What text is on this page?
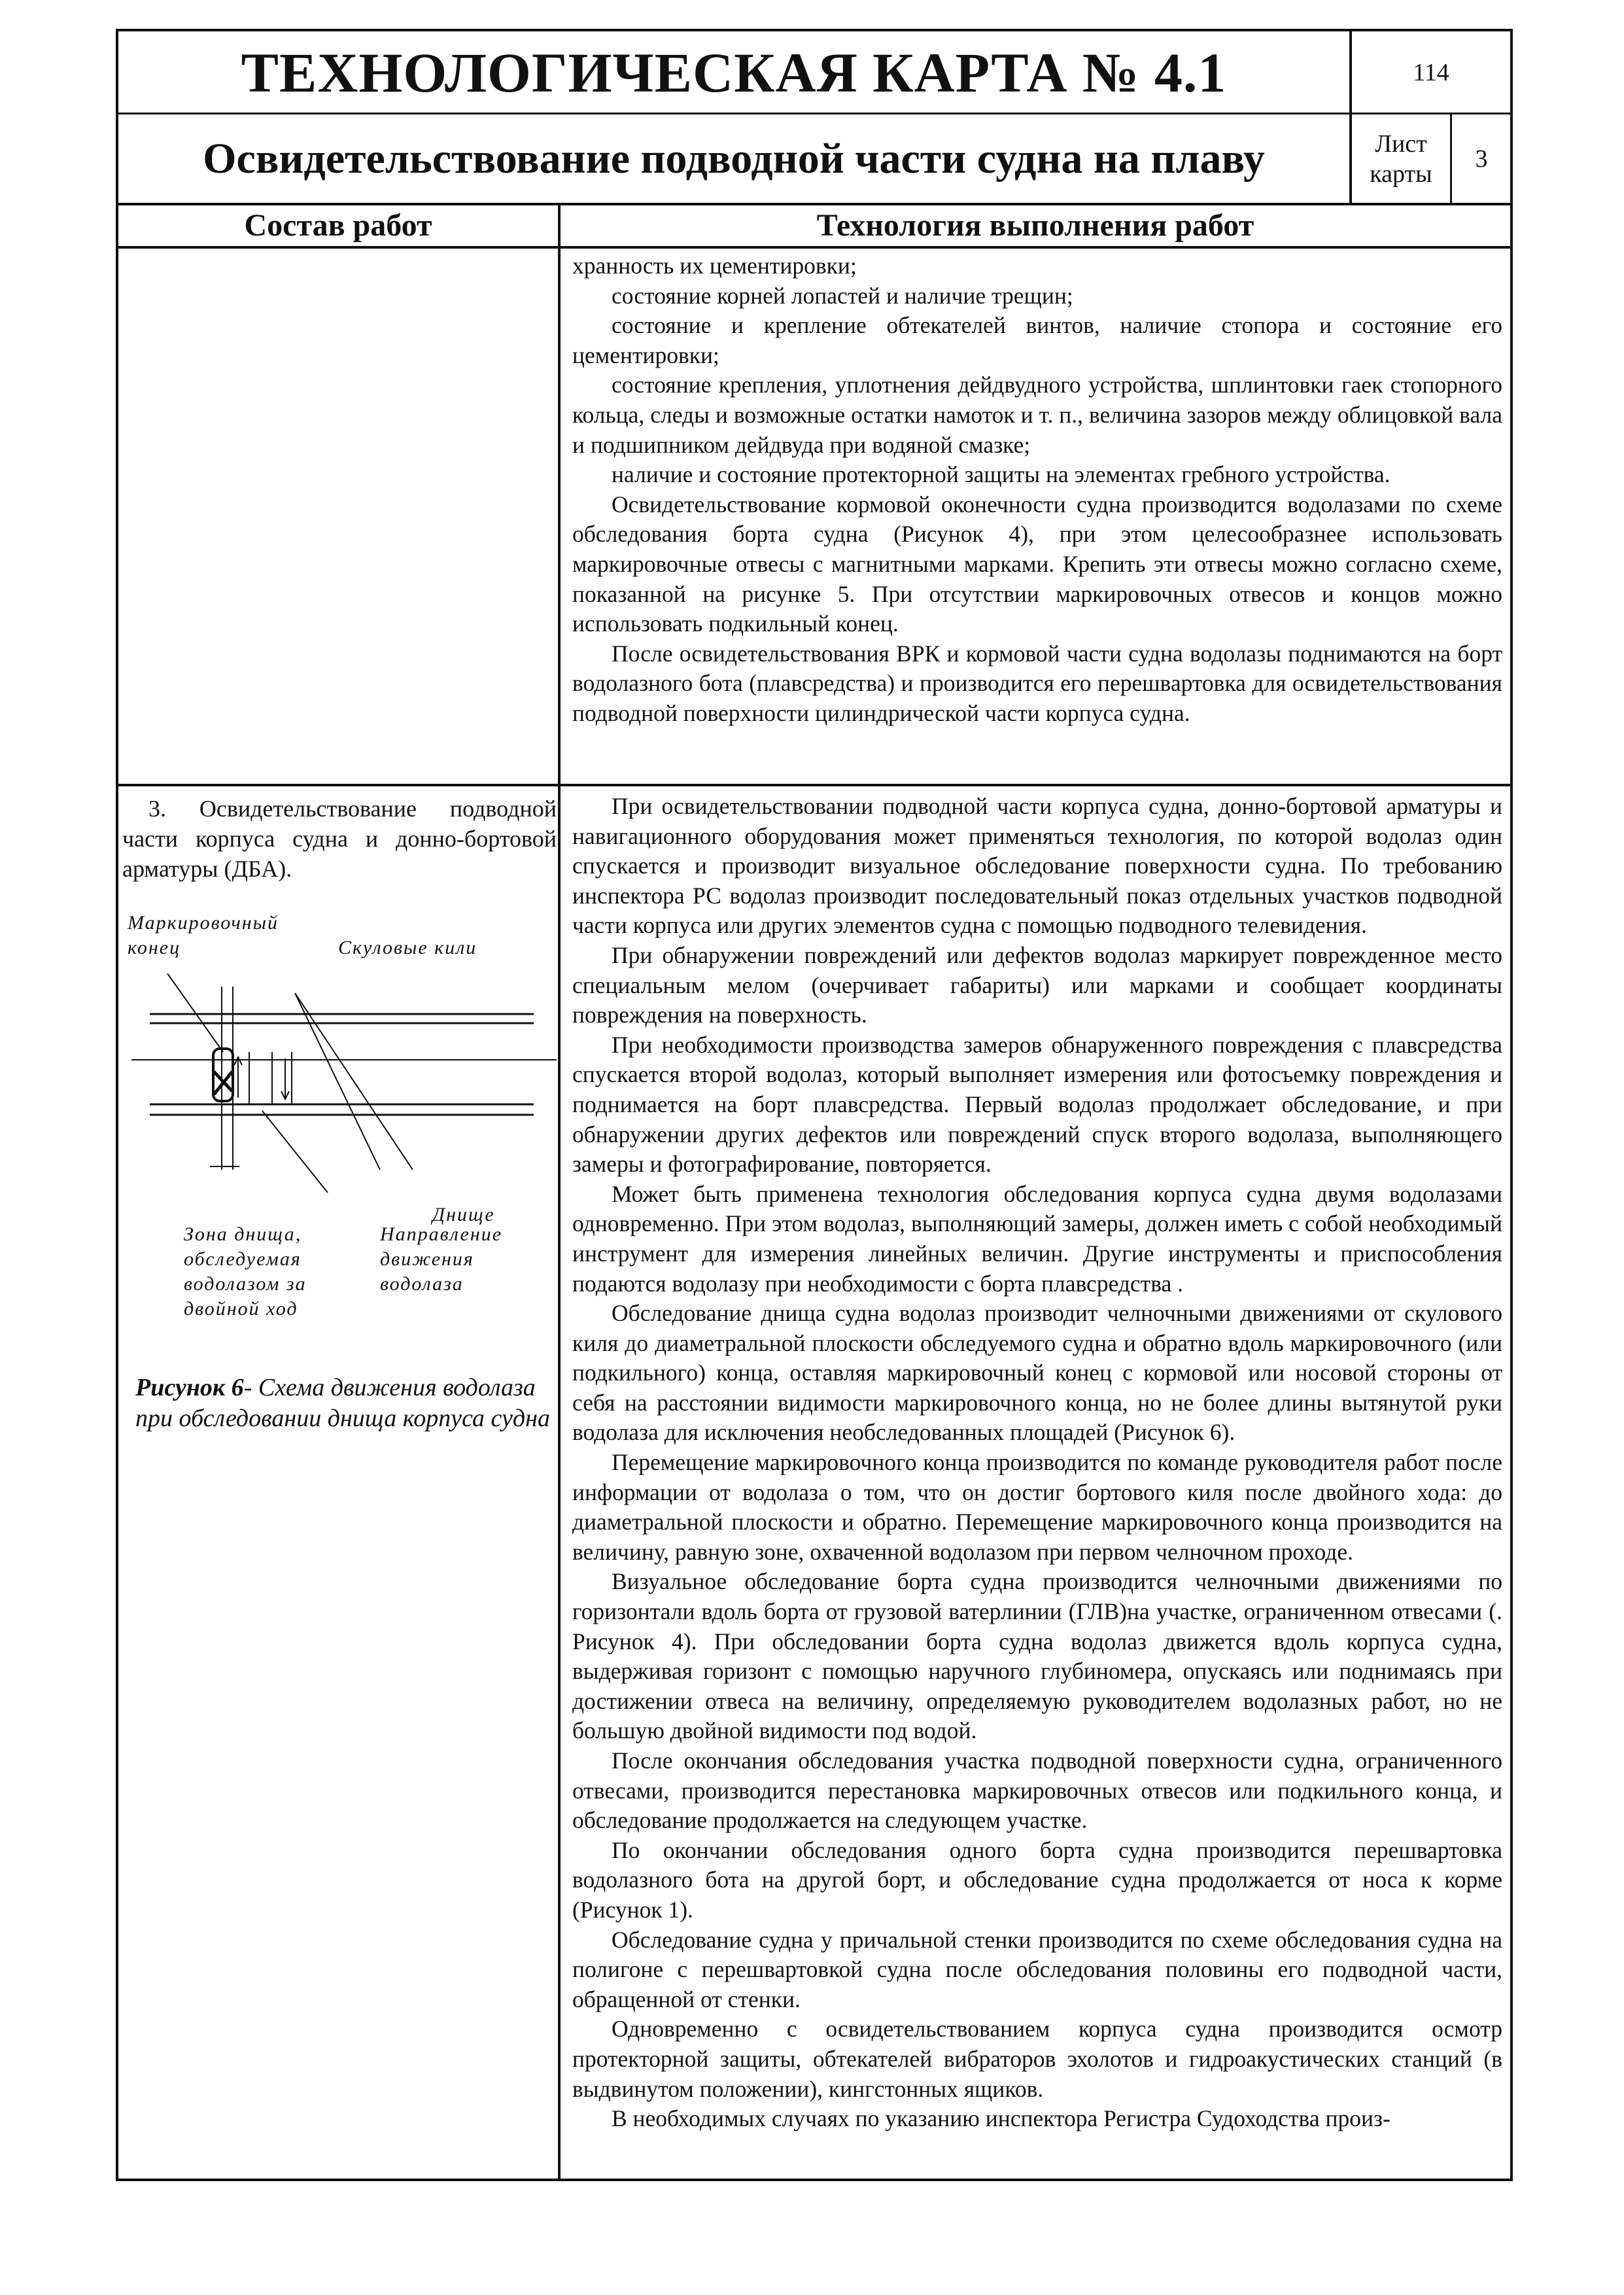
ТЕХНОЛОГИЧЕСКАЯ КАРТА № 4.1
Освидетельствование подводной части судна на плаву
114
Лист
карты
3
Состав работ	Технология выполнения работ

хранность их цементировки;

состояние корней лопастей и наличие трещин;

состояние и крепление обтекателей винтов, наличие стопора и состояние его цементировки;

состояние крепления, уплотнения дейдвудного устройства, шплинтовки гаек стопорного кольца, следы и возможные остатки намоток и т. п., величина зазоров между облицовкой вала и подшипником дейдвуда при водяной смазке;

наличие и состояние протекторной защиты на элементах гребного устройства.

Освидетельствование кормовой оконечности судна производится водолазами по схеме обследования борта судна (Рисунок 4), при этом целесообразнее использовать маркировочные отвесы с магнитными марками. Крепить эти отвесы можно согласно схеме, показанной на рисунке 5. При отсутствии маркировочных отвесов и концов можно использовать подкильный конец.

После освидетельствования ВРК и кормовой части судна водолазы поднимаются на борт водолазного бота (плавсредства) и производится его перешвартовка для освидетельствования подводной поверхности цилиндрической части корпуса судна.

3. Освидетельствование подводной части корпуса судна и донно-бортовой арматуры (ДБА).

Маркировочный
конец	Скуловые кили
Днище
Зона днища,
обследуемая
водолазом за
двойной ход
Направление
движения
водолаза
Рисунок 6- Схема движения водолаза при обследовании днища корпуса судна

При освидетельствовании подводной части корпуса судна, донно-бортовой арматуры и навигационного оборудования может применяться технология, по которой водолаз один спускается и производит визуальное обследование поверхности судна. По требованию инспектора РС водолаз производит последовательный показ отдельных участков подводной части корпуса или других элементов судна с помощью подводного телевидения.

При обнаружении повреждений или дефектов водолаз маркирует поврежденное место специальным мелом (очерчивает габариты) или марками и сообщает координаты повреждения на поверхность.

При необходимости производства замеров обнаруженного повреждения с плавсредства спускается второй водолаз, который выполняет измерения или фотосъемку повреждения и поднимается на борт плавсредства. Первый водолаз продолжает обследование, и при обнаружении других дефектов или повреждений спуск второго водолаза, выполняющего замеры и фотографирование, повторяется.

Может быть применена технология обследования корпуса судна двумя водолазами одновременно. При этом водолаз, выполняющий замеры, должен иметь с собой необходимый инструмент для измерения линейных величин. Другие инструменты и приспособления подаются водолазу при необходимости с борта плавсредства .

Обследование днища судна водолаз производит челночными движениями от скулового киля до диаметральной плоскости обследуемого судна и обратно вдоль маркировочного (или подкильного) конца, оставляя маркировочный конец с кормовой или носовой стороны от себя на расстоянии видимости маркировочного конца, но не более длины вытянутой руки водолаза для исключения необследованных площадей (Рисунок 6).

Перемещение маркировочного конца производится по команде руководителя работ после информации от водолаза о том, что он достиг бортового киля после двойного хода: до диаметральной плоскости и обратно. Перемещение маркировочного конца производится на величину, равную зоне, охваченной водолазом при первом челночном проходе.

Визуальное обследование борта судна производится челночными движениями по горизонтали вдоль борта от грузовой ватерлинии (ГЛВ)на участке, ограниченном отвесами (. Рисунок 4). При обследовании борта судна водолаз движется вдоль корпуса судна, выдерживая горизонт с помощью наручного глубиномера, опускаясь или поднимаясь при достижении отвеса на величину, определяемую руководителем водолазных работ, но не большую двойной видимости под водой.

После окончания обследования участка подводной поверхности судна, ограниченного отвесами, производится перестановка маркировочных отвесов или подкильного конца, и обследование продолжается на следующем участке.

По окончании обследования одного борта судна производится перешвартовка водолазного бота на другой борт, и обследование судна продолжается от носа к корме (Рисунок 1).

Обследование судна у причальной стенки производится по схеме обследования судна на полигоне с перешвартовкой судна после обследования половины его подводной части, обращенной от стенки.

Одновременно с освидетельствованием корпуса судна производится осмотр протекторной защиты, обтекателей вибраторов эхолотов и гидроакустических станций (в выдвинутом положении), кингстонных ящиков.

В необходимых случаях по указанию инспектора Регистра Судоходства произ-
